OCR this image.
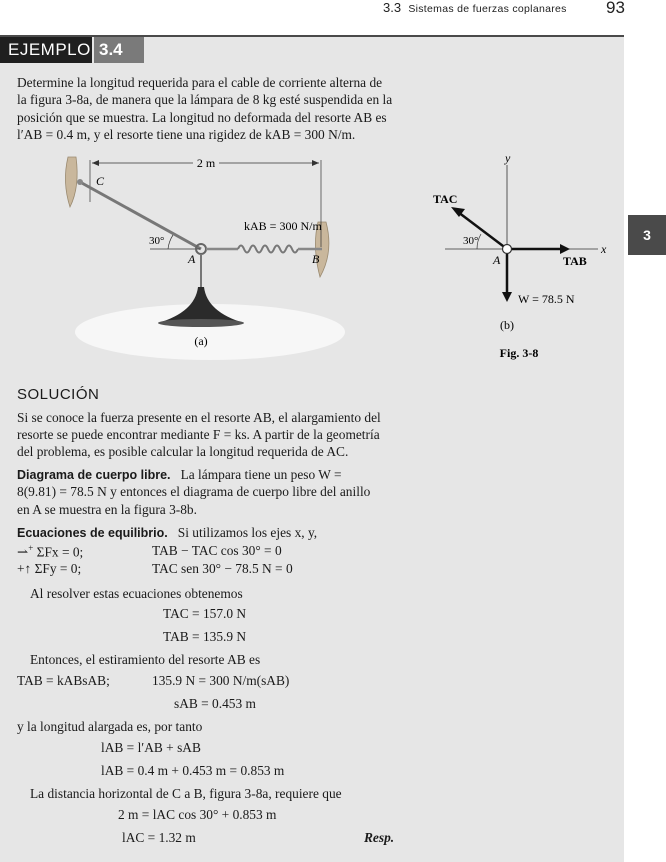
3.3 Sistemas de fuerzas coplanares 93
3
EJEMPLO 3.4
Determine la longitud requerida para el cable de corriente alterna de
la figura 3-8a, de manera que la lámpara de 8 kg esté suspendida en la
posición que se muestra. La longitud no deformada del resorte AB es
l′AB = 0.4 m, y el resorte tiene una rigidez de kAB = 300 N/m.
2 m
C
30°
A
kAB = 300 N/m
B
(a)
y
x
TAC
TAB
W = 78.5 N
30°
A
(b)
Fig. 3-8
SOLUCIÓN
Si se conoce la fuerza presente en el resorte AB, el alargamiento del
resorte se puede encontrar mediante F = ks. A partir de la geometría
del problema, es posible calcular la longitud requerida de AC.
Diagrama de cuerpo libre. La lámpara tiene un peso W =
8(9.81) = 78.5 N y entonces el diagrama de cuerpo libre del anillo
en A se muestra en la figura 3-8b.
Ecuaciones de equilibrio. Si utilizamos los ejes x, y,
⇀+ ΣFx = 0;	TAB − TAC cos 30° = 0
+↑ ΣFy = 0;	TAC sen 30° − 78.5 N = 0
Al resolver estas ecuaciones obtenemos
TAC = 157.0 N
TAB = 135.9 N
Entonces, el estiramiento del resorte AB es
TAB = kABsAB;	135.9 N = 300 N/m(sAB)
sAB = 0.453 m
y la longitud alargada es, por tanto
lAB = l′AB + sAB
lAB = 0.4 m + 0.453 m = 0.853 m
La distancia horizontal de C a B, figura 3-8a, requiere que
2 m = lAC cos 30° + 0.853 m
lAC = 1.32 m	Resp.
